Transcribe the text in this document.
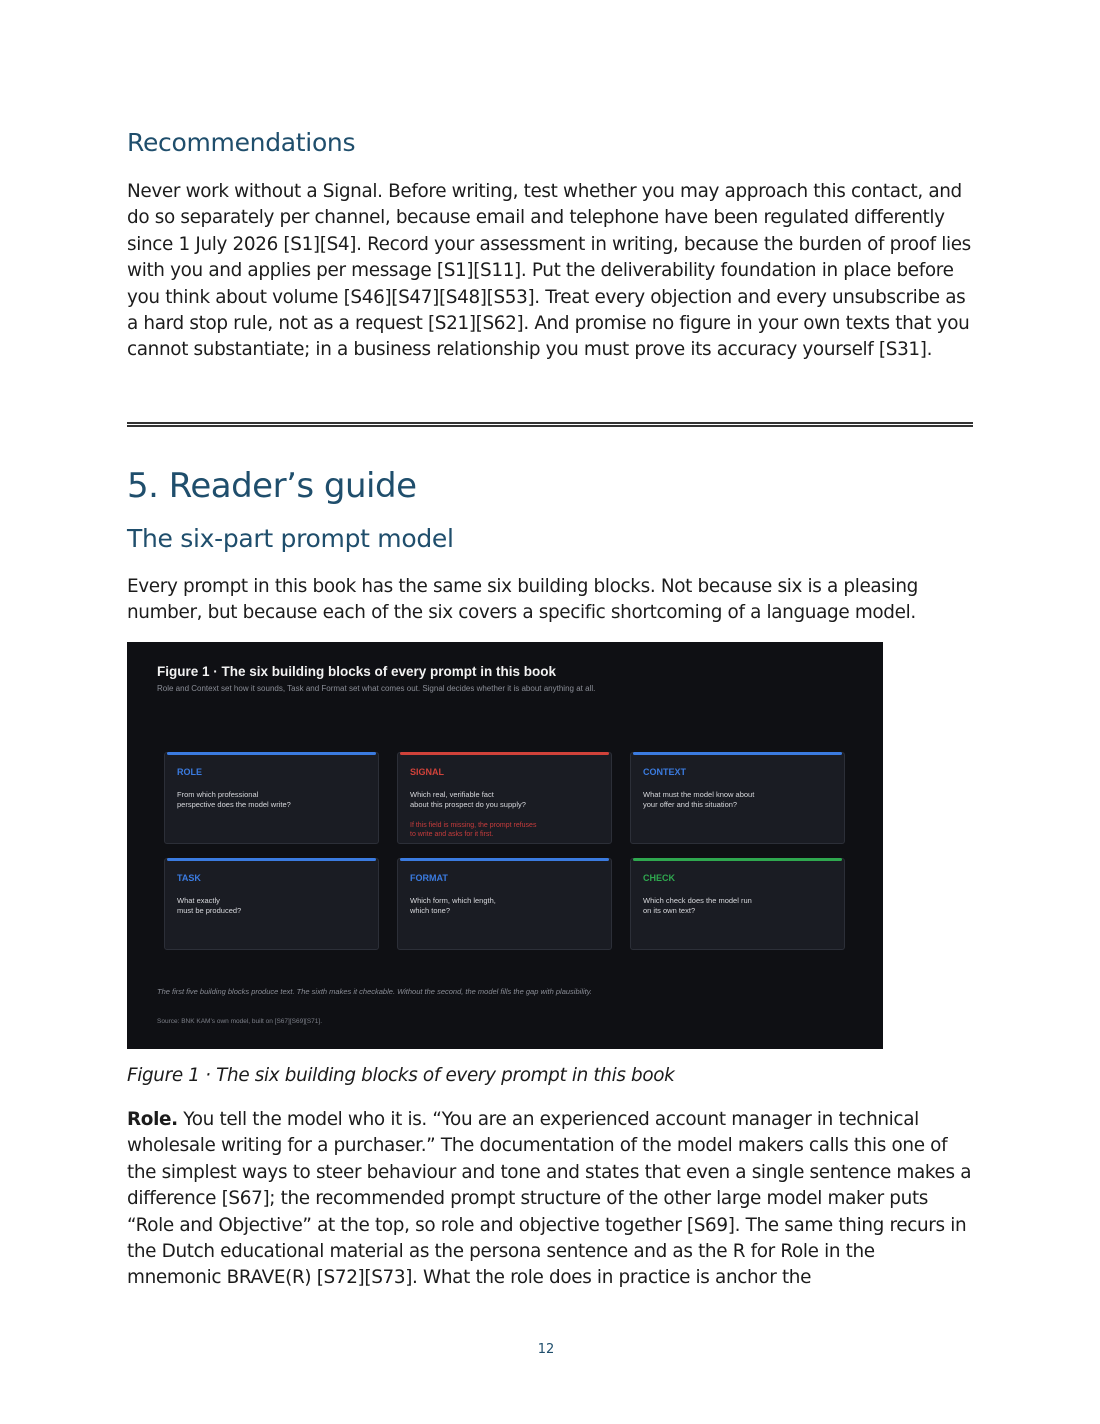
Recommendations

Never work without a Signal. Before writing, test whether you may approach this contact, and do so separately per channel, because email and telephone have been regulated differently since 1 July 2026 [S1][S4]. Record your assessment in writing, because the burden of proof lies with you and applies per message [S1][S11]. Put the deliverability foundation in place before you think about volume [S46][S47][S48][S53]. Treat every objection and every unsubscribe as a hard stop rule, not as a request [S21][S62]. And promise no figure in your own texts that you cannot substantiate; in a business relationship you must prove its accuracy yourself [S31].

5. Reader’s guide
The six-part prompt model

Every prompt in this book has the same six building blocks. Not because six is a pleasing number, but because each of the six covers a specific shortcoming of a language model.

Figure 1 · The six building blocks of every prompt in this book
Role and Context set how it sounds, Task and Format set what comes out. Signal decides whether it is about anything at all.
ROLE
From which professional
perspective does the model write?
SIGNAL
Which real, verifiable fact
about this prospect do you supply?
If this field is missing, the prompt refuses
to write and asks for it first.
CONTEXT
What must the model know about
your offer and this situation?
TASK
What exactly
must be produced?
FORMAT
Which form, which length,
which tone?
CHECK
Which check does the model run
on its own text?
The first five building blocks produce text. The sixth makes it checkable. Without the second, the model fills the gap with plausibility.
Source: BNK KAM’s own model, built on [S67][S69][S71].

Figure 1 · The six building blocks of every prompt in this book

Role. You tell the model who it is. “You are an experienced account manager in technical wholesale writing for a purchaser.” The documentation of the model makers calls this one of the simplest ways to steer behaviour and tone and states that even a single sentence makes a difference [S67]; the recommended prompt structure of the other large model maker puts “Role and Objective” at the top, so role and objective together [S69]. The same thing recurs in the Dutch educational material as the persona sentence and as the R for Role in the mnemonic BRAVE(R) [S72][S73]. What the role does in practice is anchor the

12
